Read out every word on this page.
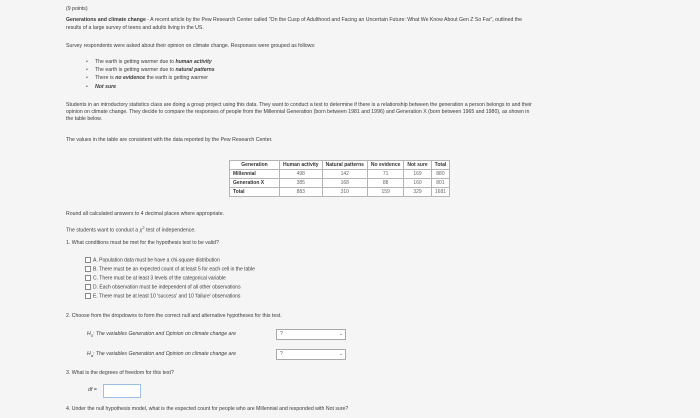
(9 points)
Generations and climate change - A recent article by the Pew Research Center called "On the Cusp of Adulthood and Facing an Uncertain Future: What We Know About Gen Z So Far", outlined the
results of a large survey of teens and adults living in the US.
Survey respondents were asked about their opinion on climate change. Responses were grouped as follows:
• The earth is getting warmer due to human activity
• The earth is getting warmer due to natural patterns
• There is no evidence the earth is getting warmer
• Not sure
Students in an introductory statistics class are doing a group project using this data. They want to conduct a test to determine if there is a relationship between the generation a person belongs to and their
opinion on climate change. They decide to compare the responses of people from the Millennial Generation (born between 1981 and 1996) and Generation X (born between 1965 and 1980), as shown in
the table below.
The values in the table are consistent with the data reported by the Pew Research Center.
Generation	Human activity	Natural patterns	No evidence	Not sure	Total
Millennial	498	142	71	169	880
Generation X	385	168	88	160	801
Total	883	310	159	329	1681
Round all calculated answers to 4 decimal places where appropriate.
The students want to conduct a $\chi^2$ test of independence.
1. What conditions must be met for the hypothesis test to be valid?
A. Population data must be have a chi-square distribution
B. There must be an expected count of at least 5 for each cell in the table
C. There must be at least 3 levels of the categorical variable
D. Each observation must be independent of all other observations
E. There must be at least 10 'success' and 10 'failure' observations
2. Choose from the dropdowns to form the correct null and alternative hypotheses for this test.
$H_0$: The variables Generation and Opinion on climate change are	?	⌄
$H_a$: The variables Generation and Opinion on climate change are	?	⌄
3. What is the degrees of freedom for this test?
df =
4. Under the null hypothesis model, what is the expected count for people who are Millennial and responded with Not sure?
